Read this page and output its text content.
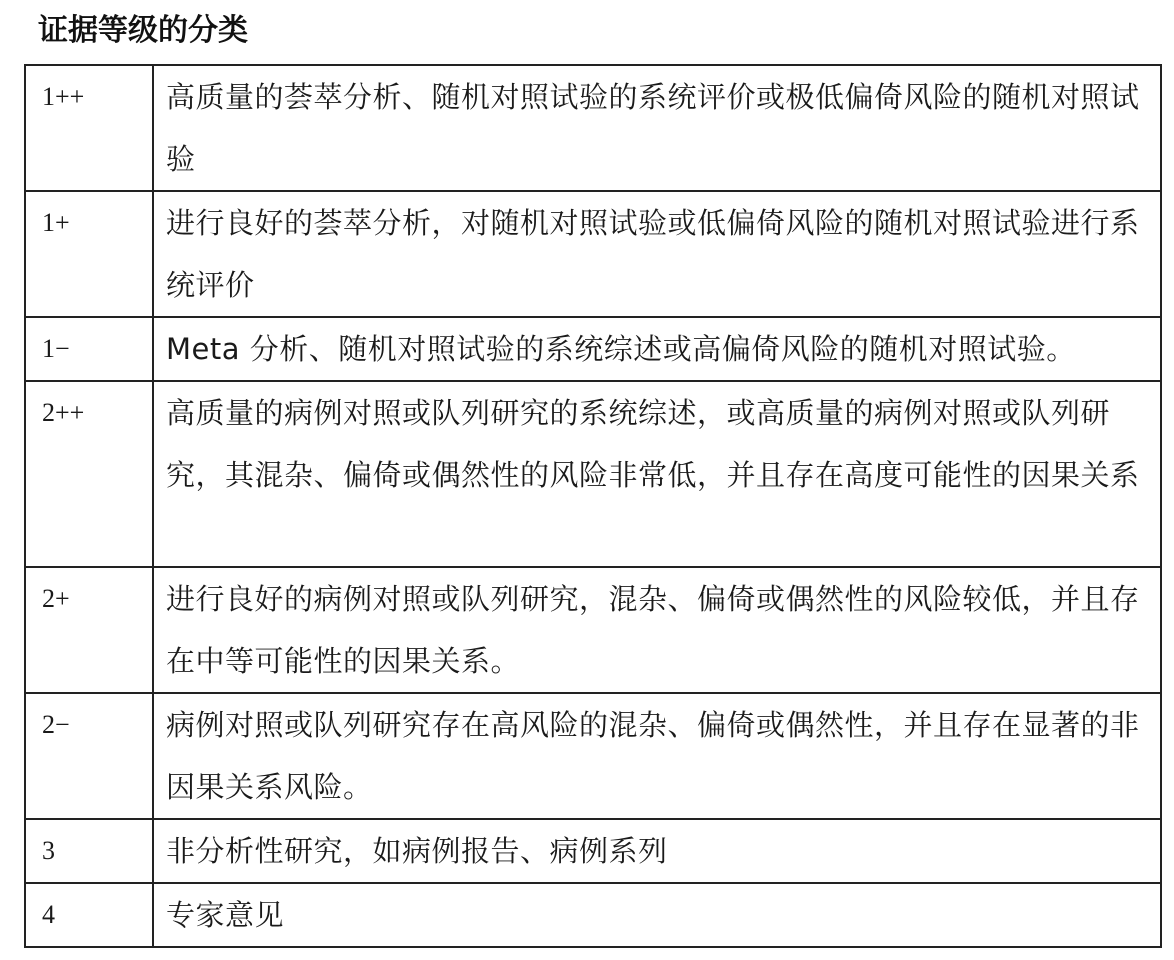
证据等级的分类
1++	高质量的荟萃分析、随机对照试验的系统评价或极低偏倚风险的随机对照试验
1+	进行良好的荟萃分析，对随机对照试验或低偏倚风险的随机对照试验进行系统评价
1−	Meta 分析、随机对照试验的系统综述或高偏倚风险的随机对照试验。
2++	高质量的病例对照或队列研究的系统综述，或高质量的病例对照或队列研究，其混杂、偏倚或偶然性的风险非常低，并且存在高度可能性的因果关系
2+	进行良好的病例对照或队列研究，混杂、偏倚或偶然性的风险较低，并且存在中等可能性的因果关系。
2−	病例对照或队列研究存在高风险的混杂、偏倚或偶然性，并且存在显著的非因果关系风险。
3	非分析性研究，如病例报告、病例系列
4	专家意见
